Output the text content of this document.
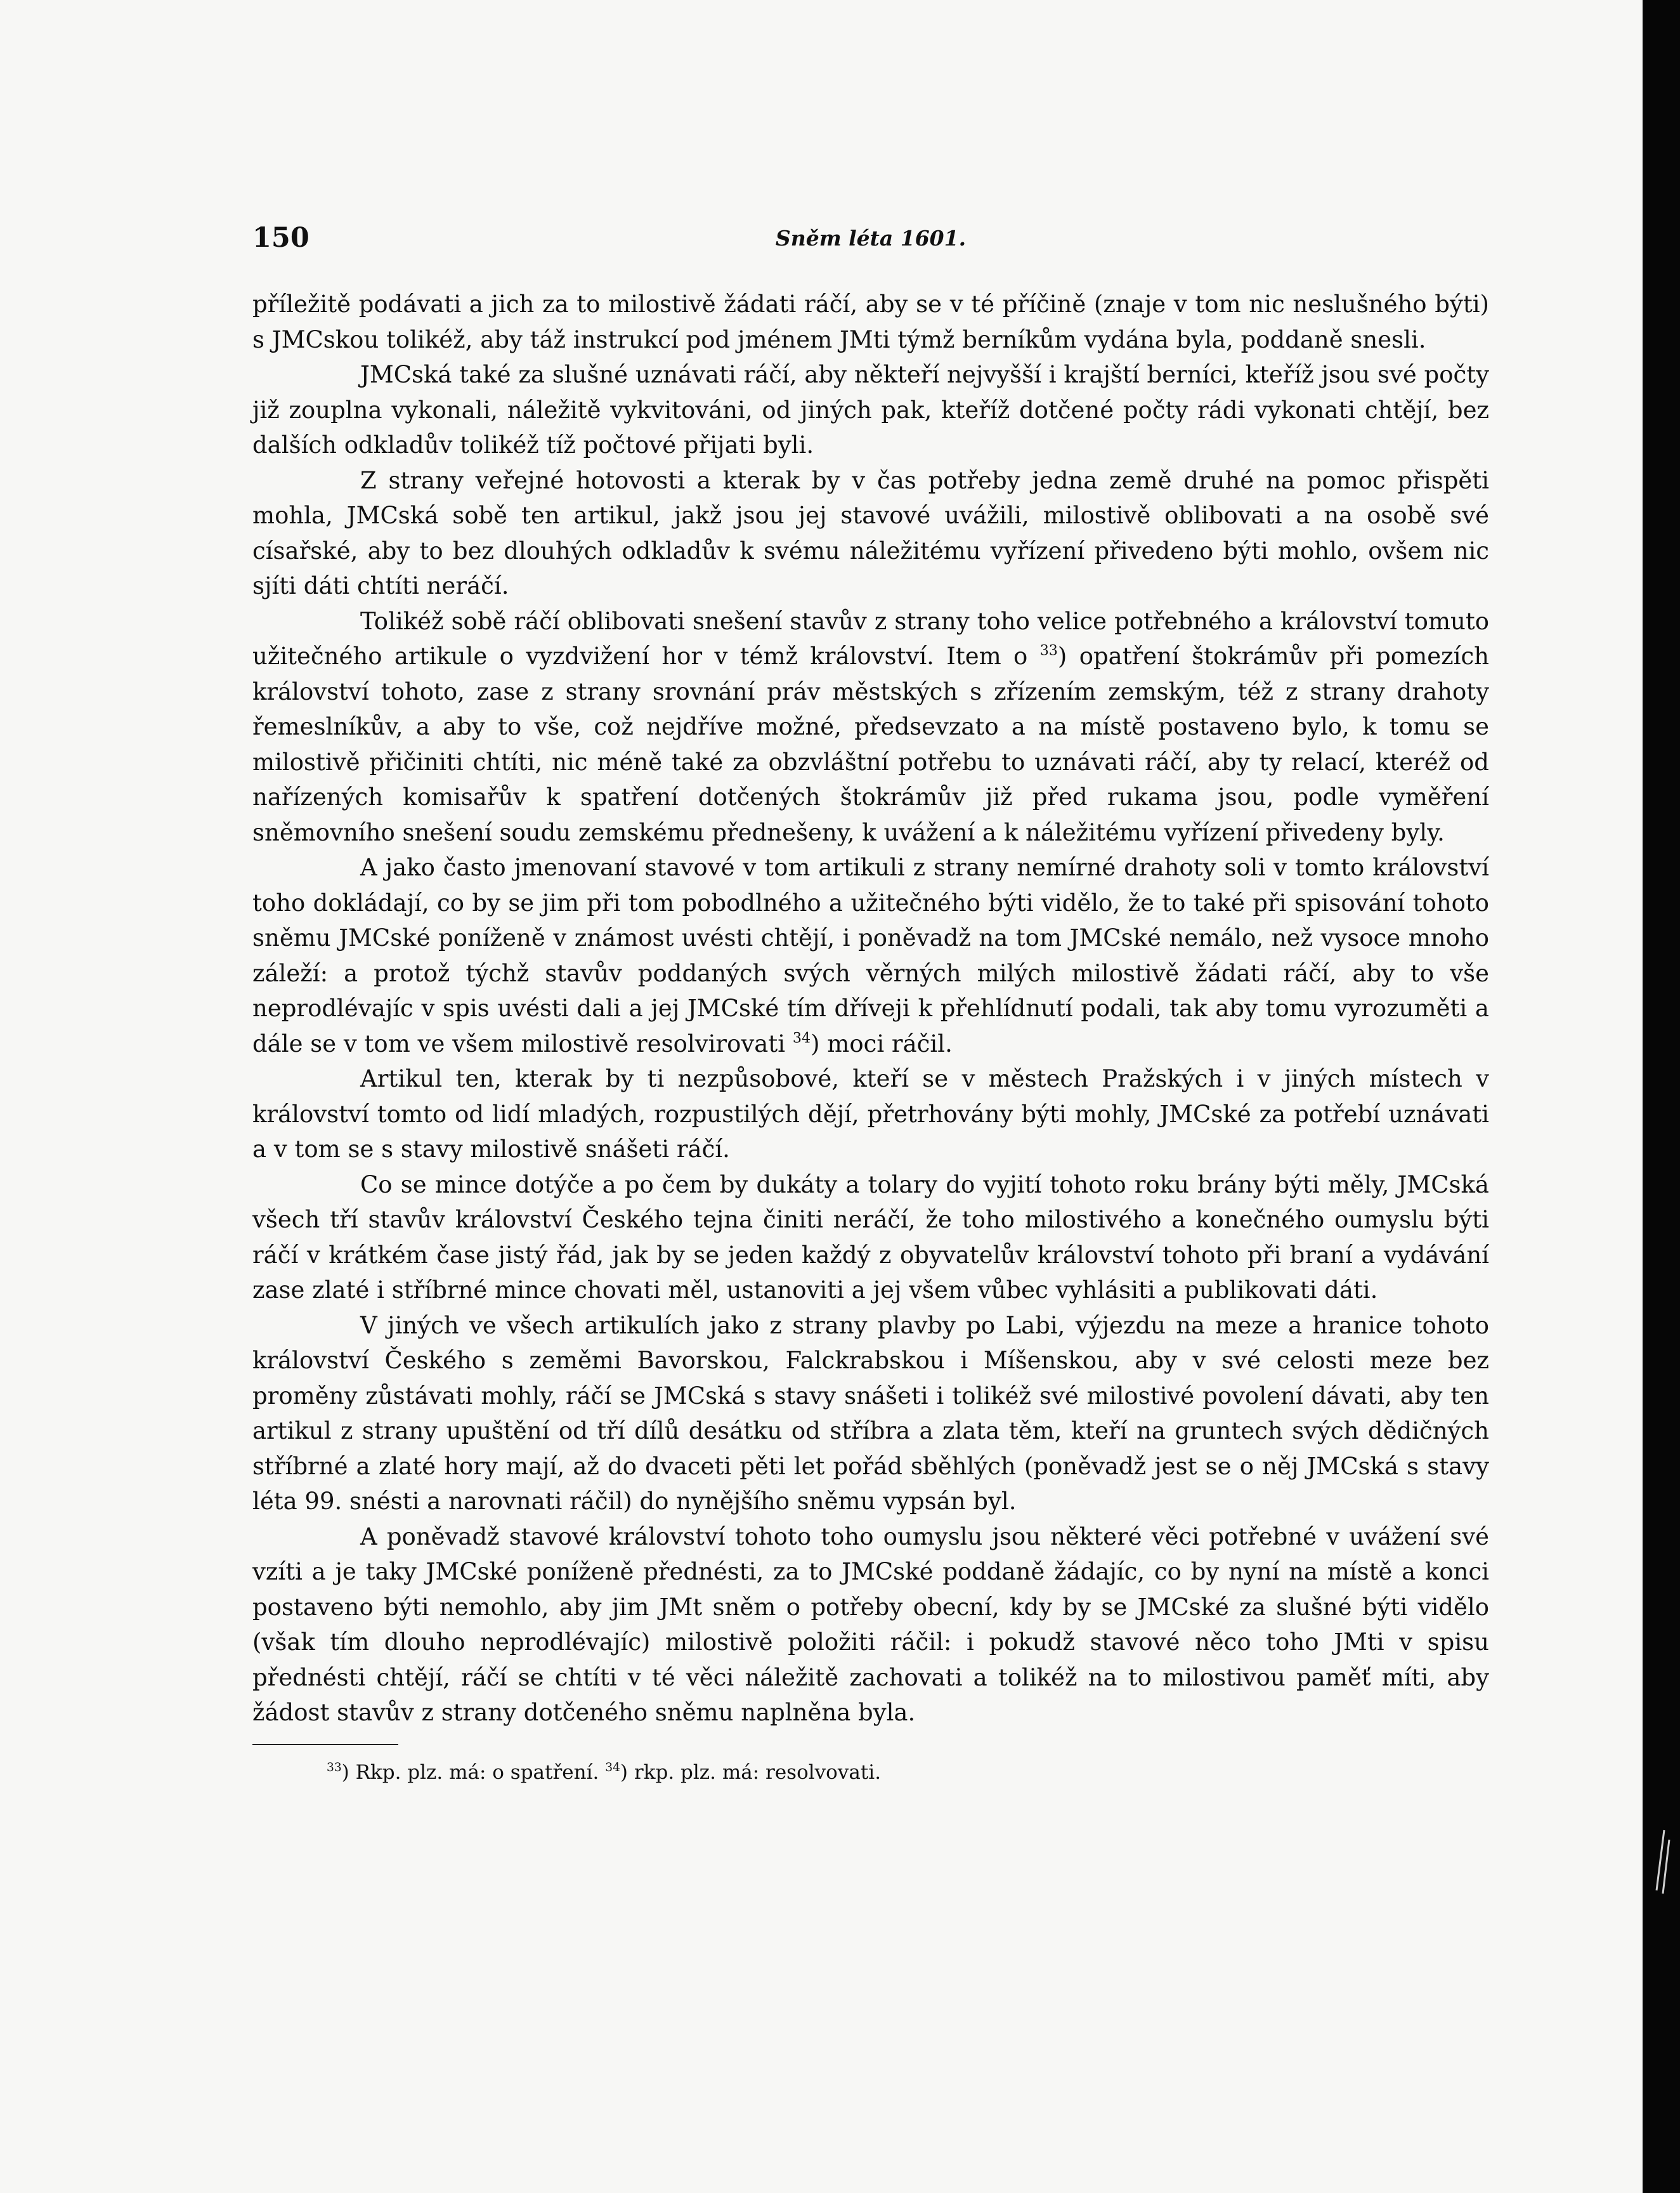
150	Sněm léta 1601.

příležitě podávati a jich za to milostivě žádati ráčí, aby se v té příčině (znaje v tom nic neslušného býti) s JMCskou tolikéž, aby táž instrukcí pod jménem JMti týmž berníkům vydána byla, poddaně snesli.

JMCská také za slušné uznávati ráčí, aby někteří nejvyšší i krajští berníci, kteříž jsou své počty již zouplna vykonali, náležitě vykvitováni, od jiných pak, kteříž dotčené počty rádi vykonati chtějí, bez dalších odkladův tolikéž tíž počtové přijati byli.

Z strany veřejné hotovosti a kterak by v čas potřeby jedna země druhé na pomoc přispěti mohla, JMCská sobě ten artikul, jakž jsou jej stavové uvážili, milostivě oblibovati a na osobě své císařské, aby to bez dlouhých odkladův k svému náležitému vyřízení přivedeno býti mohlo, ovšem nic sjíti dáti chtíti neráčí.

Tolikéž sobě ráčí oblibovati snešení stavův z strany toho velice potřebného a království tomuto užitečného artikule o vyzdvižení hor v témž království. Item o $^{33}$) opatření štokrámův při pomezích království tohoto, zase z strany srovnání práv městských s zřízením zemským, též z strany drahoty řemeslníkův, a aby to vše, což nejdříve možné, předsevzato a na místě postaveno bylo, k tomu se milostivě přičiniti chtíti, nic méně také za obzvláštní potřebu to uznávati ráčí, aby ty relací, kteréž od nařízených komisařův k spatření dotčených štokrámův již před rukama jsou, podle vyměření sněmovního snešení soudu zemskému přednešeny, k uvážení a k náležitému vyřízení přivedeny byly.

A jako často jmenovaní stavové v tom artikuli z strany nemírné drahoty soli v tomto království toho dokládají, co by se jim při tom pobodlného a užitečného býti vidělo, že to také při spisování tohoto sněmu JMCské poníženě v známost uvésti chtějí, i poněvadž na tom JMCské nemálo, než vysoce mnoho záleží: a protož týchž stavův poddaných svých věrných milých milostivě žádati ráčí, aby to vše neprodlévajíc v spis uvésti dali a jej JMCské tím dříveji k přehlídnutí podali, tak aby tomu vyrozuměti a dále se v tom ve všem milostivě resolvirovati $^{34}$) moci ráčil.

Artikul ten, kterak by ti nezpůsobové, kteří se v městech Pražských i v jiných místech v království tomto od lidí mladých, rozpustilých dějí, přetrhovány býti mohly, JMCské za potřebí uznávati a v tom se s stavy milostivě snášeti ráčí.

Co se mince dotýče a po čem by dukáty a tolary do vyjití tohoto roku brány býti měly, JMCská všech tří stavův království Českého tejna činiti neráčí, že toho milostivého a konečného oumyslu býti ráčí v krátkém čase jistý řád, jak by se jeden každý z obyvatelův království tohoto při braní a vydávání zase zlaté i stříbrné mince chovati měl, ustanoviti a jej všem vůbec vyhlásiti a publikovati dáti.

V jiných ve všech artikulích jako z strany plavby po Labi, výjezdu na meze a hranice tohoto království Českého s zeměmi Bavorskou, Falckrabskou i Míšenskou, aby v své celosti meze bez proměny zůstávati mohly, ráčí se JMCská s stavy snášeti i tolikéž své milostivé povolení dávati, aby ten artikul z strany upuštění od tří dílů desátku od stříbra a zlata těm, kteří na gruntech svých dědičných stříbrné a zlaté hory mají, až do dvaceti pěti let pořád sběhlých (poněvadž jest se o něj JMCská s stavy léta 99. snésti a narovnati ráčil) do nynějšího sněmu vypsán byl.

A poněvadž stavové království tohoto toho oumyslu jsou některé věci potřebné v uvážení své vzíti a je taky JMCské poníženě přednésti, za to JMCské poddaně žádajíc, co by nyní na místě a konci postaveno býti nemohlo, aby jim JMt sněm o potřeby obecní, kdy by se JMCské za slušné býti vidělo (však tím dlouho neprodlévajíc) milostivě položiti ráčil: i pokudž stavové něco toho JMti v spisu přednésti chtějí, ráčí se chtíti v té věci náležitě zachovati a tolikéž na to milostivou paměť míti, aby žádost stavův z strany dotčeného sněmu naplněna byla.

$^{33}$) Rkp. plz. má: o spatření. $^{34}$) rkp. plz. má: resolvovati.
